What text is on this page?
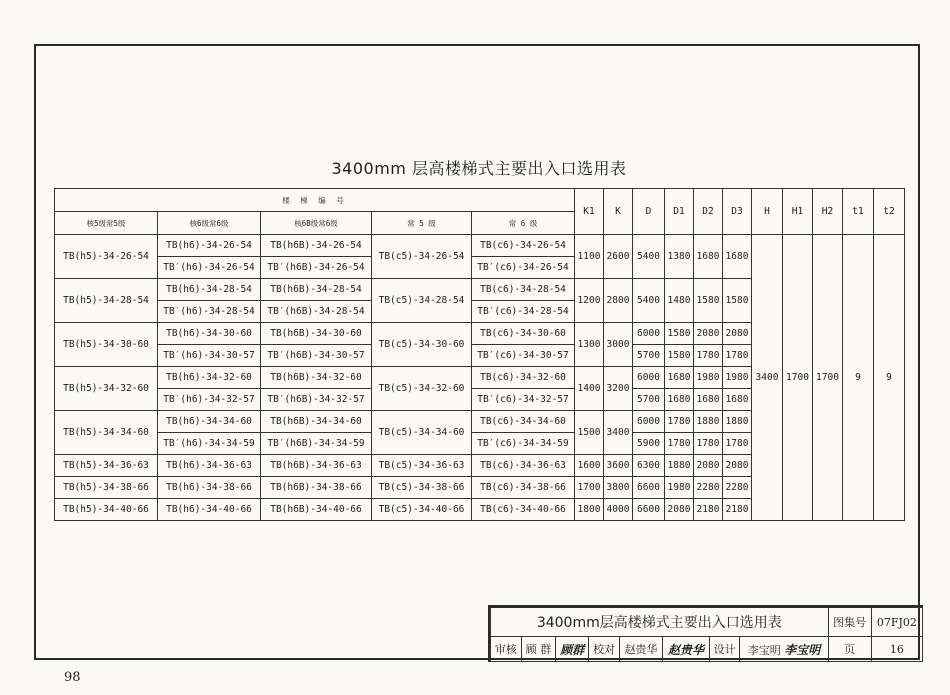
3400mm 层高楼梯式主要出入口选用表
楼 梯 编 号					K1	K	D	D1	D2	D3	H	H1	H2	t1	t2
核5级常5级	核6级常6级	核6B级常6级	常 5 级	常 6 级											
TB(h5)-34-26-54	TB(h6)-34-26-54	TB(h6B)-34-26-54	TB(c5)-34-26-54	TB(c6)-34-26-54	1100	2600	5400	1380	1680	1680	3400	1700	1700	9	9
	TB′(h6)-34-26-54	TB′(h6B)-34-26-54		TB′(c6)-34-26-54											
TB(h5)-34-28-54	TB(h6)-34-28-54	TB(h6B)-34-28-54	TB(c5)-34-28-54	TB(c6)-34-28-54	1200	2800	5400	1480	1580	1580					
	TB′(h6)-34-28-54	TB′(h6B)-34-28-54		TB′(c6)-34-28-54											
TB(h5)-34-30-60	TB(h6)-34-30-60	TB(h6B)-34-30-60	TB(c5)-34-30-60	TB(c6)-34-30-60	1300	3000	6000	1580	2080	2080					
	TB′(h6)-34-30-57	TB′(h6B)-34-30-57		TB′(c6)-34-30-57			5700	1580	1780	1780					
TB(h5)-34-32-60	TB(h6)-34-32-60	TB(h6B)-34-32-60	TB(c5)-34-32-60	TB(c6)-34-32-60	1400	3200	6000	1680	1980	1980					
	TB′(h6)-34-32-57	TB′(h6B)-34-32-57		TB′(c6)-34-32-57			5700	1680	1680	1680					
TB(h5)-34-34-60	TB(h6)-34-34-60	TB(h6B)-34-34-60	TB(c5)-34-34-60	TB(c6)-34-34-60	1500	3400	6000	1780	1880	1880					
	TB′(h6)-34-34-59	TB′(h6B)-34-34-59		TB′(c6)-34-34-59			5900	1780	1780	1780					
TB(h5)-34-36-63	TB(h6)-34-36-63	TB(h6B)-34-36-63	TB(c5)-34-36-63	TB(c6)-34-36-63	1600	3600	6300	1880	2080	2080					
TB(h5)-34-38-66	TB(h6)-34-38-66	TB(h6B)-34-38-66	TB(c5)-34-38-66	TB(c6)-34-38-66	1700	3800	6600	1980	2280	2280					
TB(h5)-34-40-66	TB(h6)-34-40-66	TB(h6B)-34-40-66	TB(c5)-34-40-66	TB(c6)-34-40-66	1800	4000	6600	2080	2180	2180					
3400mm层高楼梯式主要出入口选用表								图集号	07FJ02
审核	顾 群	顾群	校对	赵贵华	赵贵华	设计	李宝明 李宝明	页	16
98
